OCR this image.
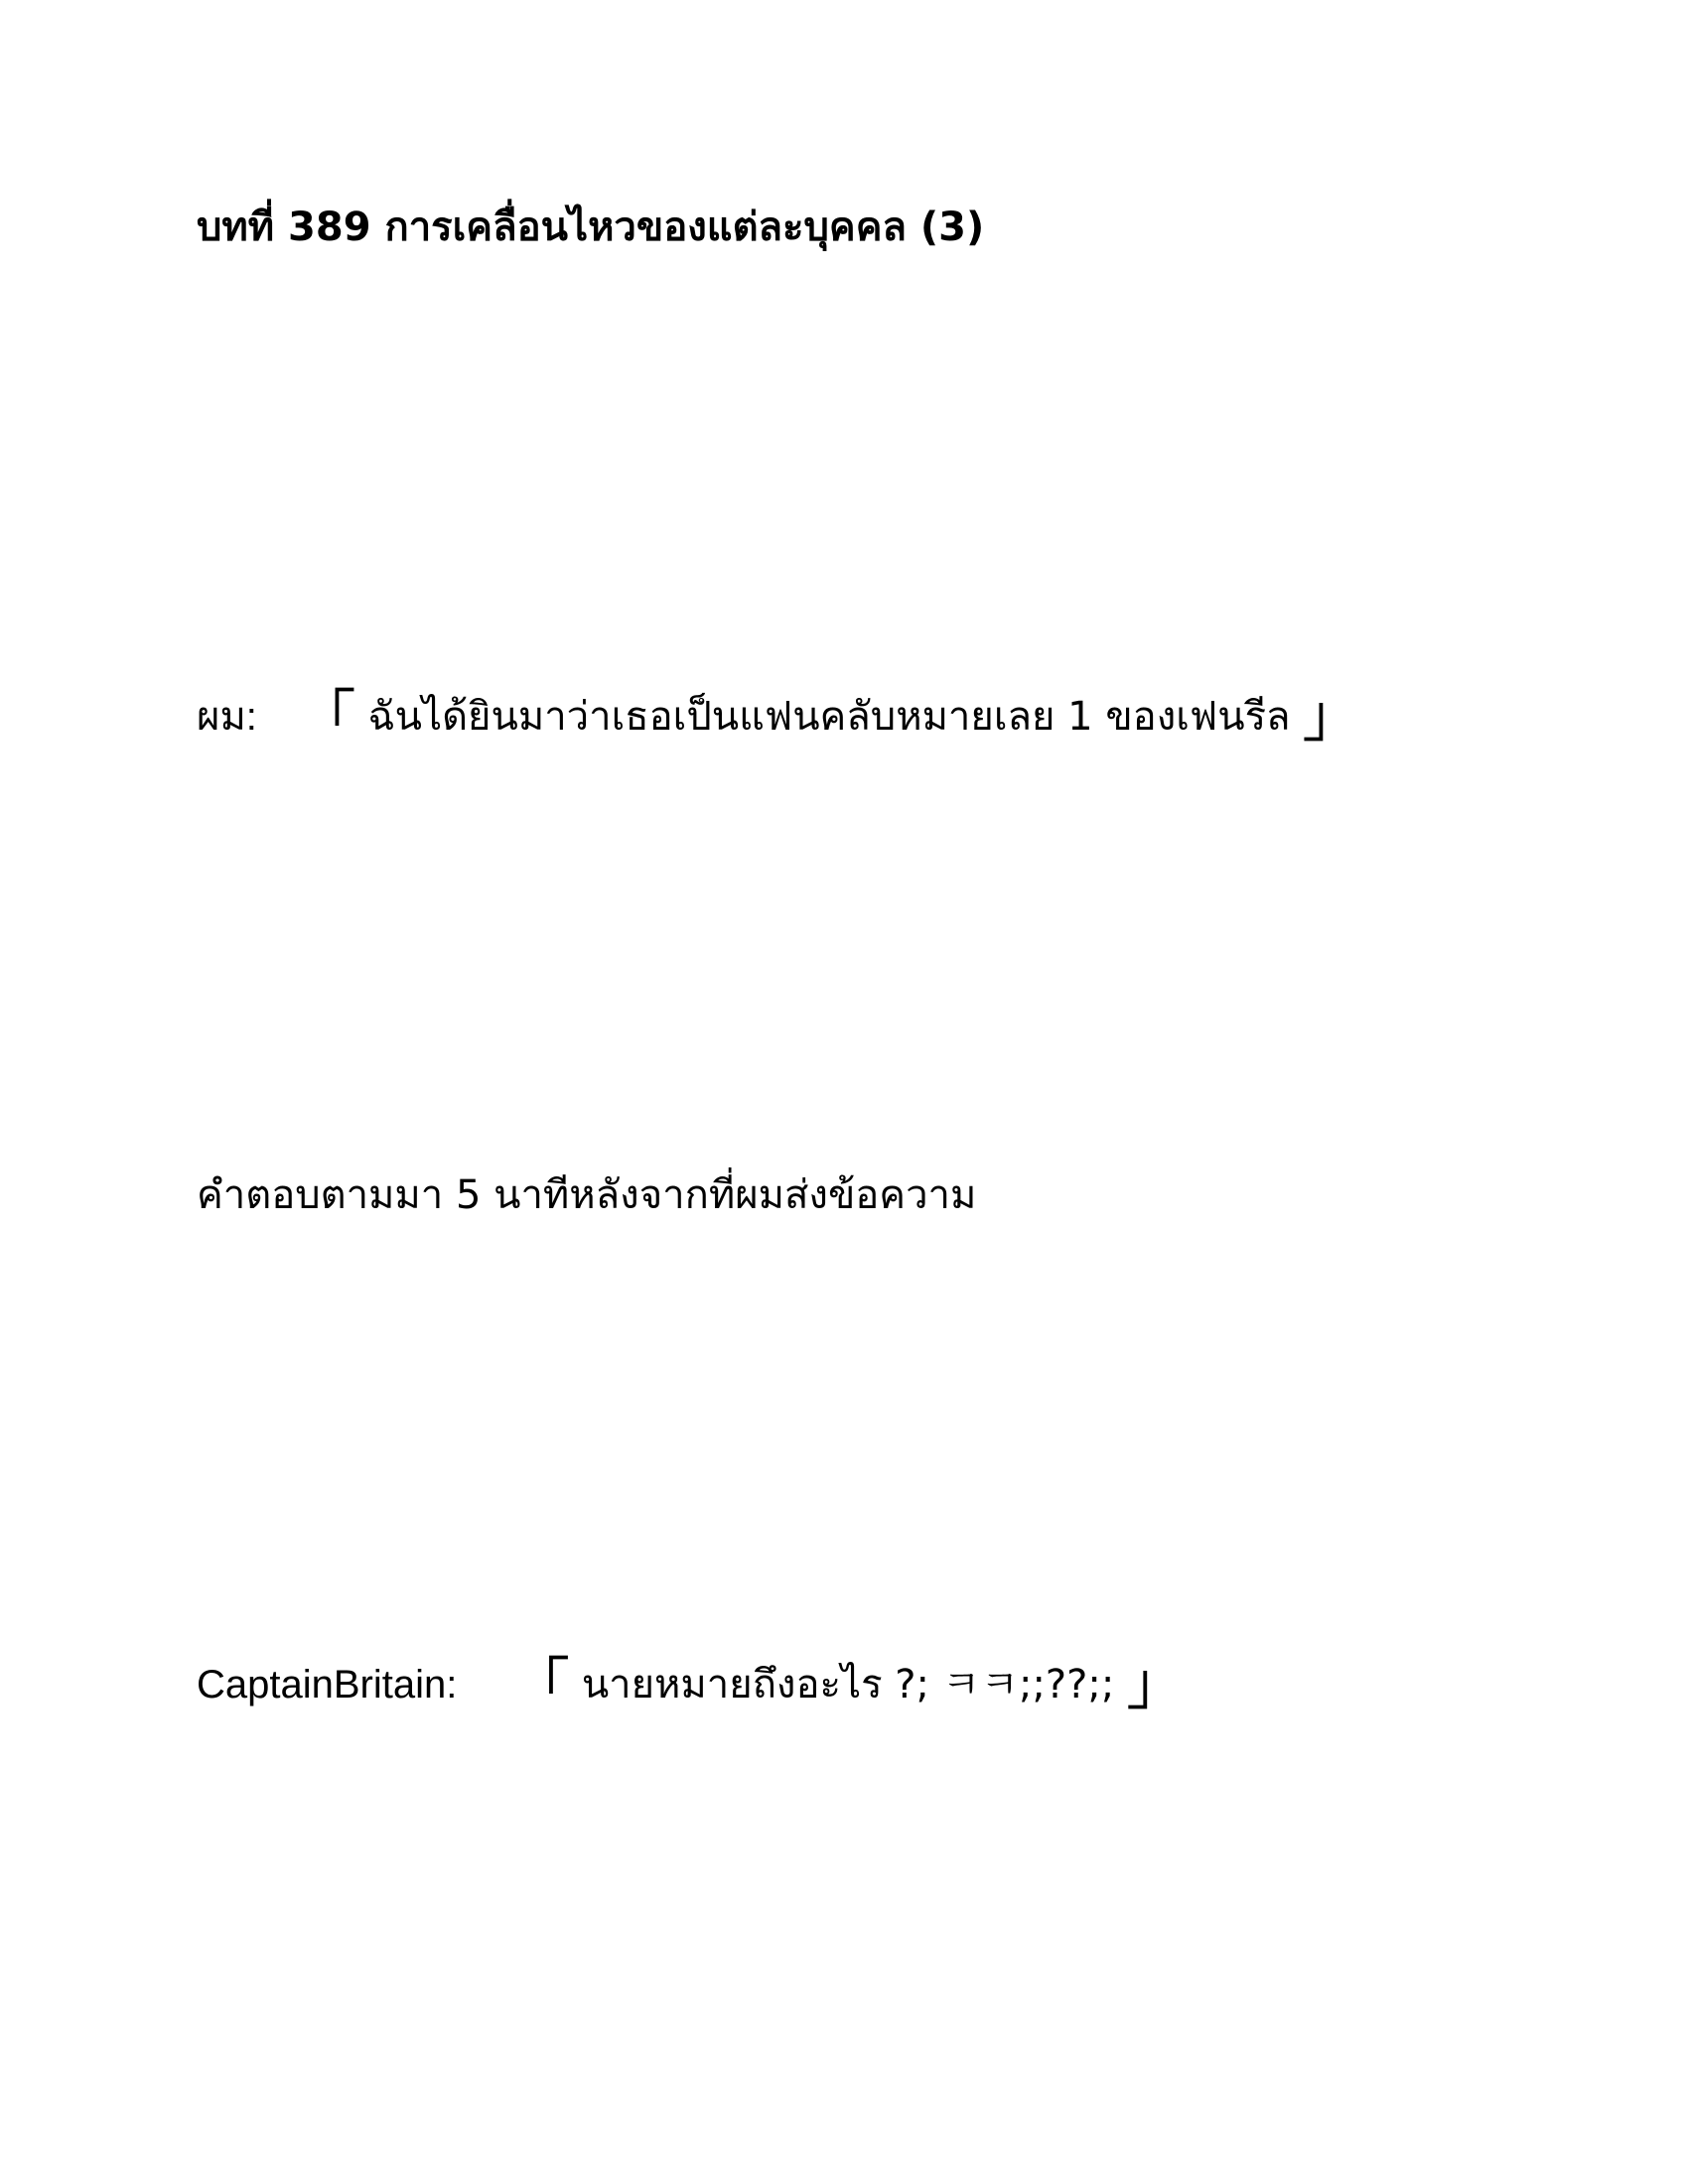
บทที่ 389 การเคลื่อนไหวของแต่ละบุคคล (3)
ผม: 「 ฉันได้ยินมาว่าเธอเป็นแฟนคลับหมายเลย 1 ของเฟนรีล 」
คำตอบตามมา 5 นาทีหลังจากที่ผมส่งข้อความ
CaptainBritain: 「 นายหมายถึงอะไร ?; ㅋㅋ;;??;; 」
